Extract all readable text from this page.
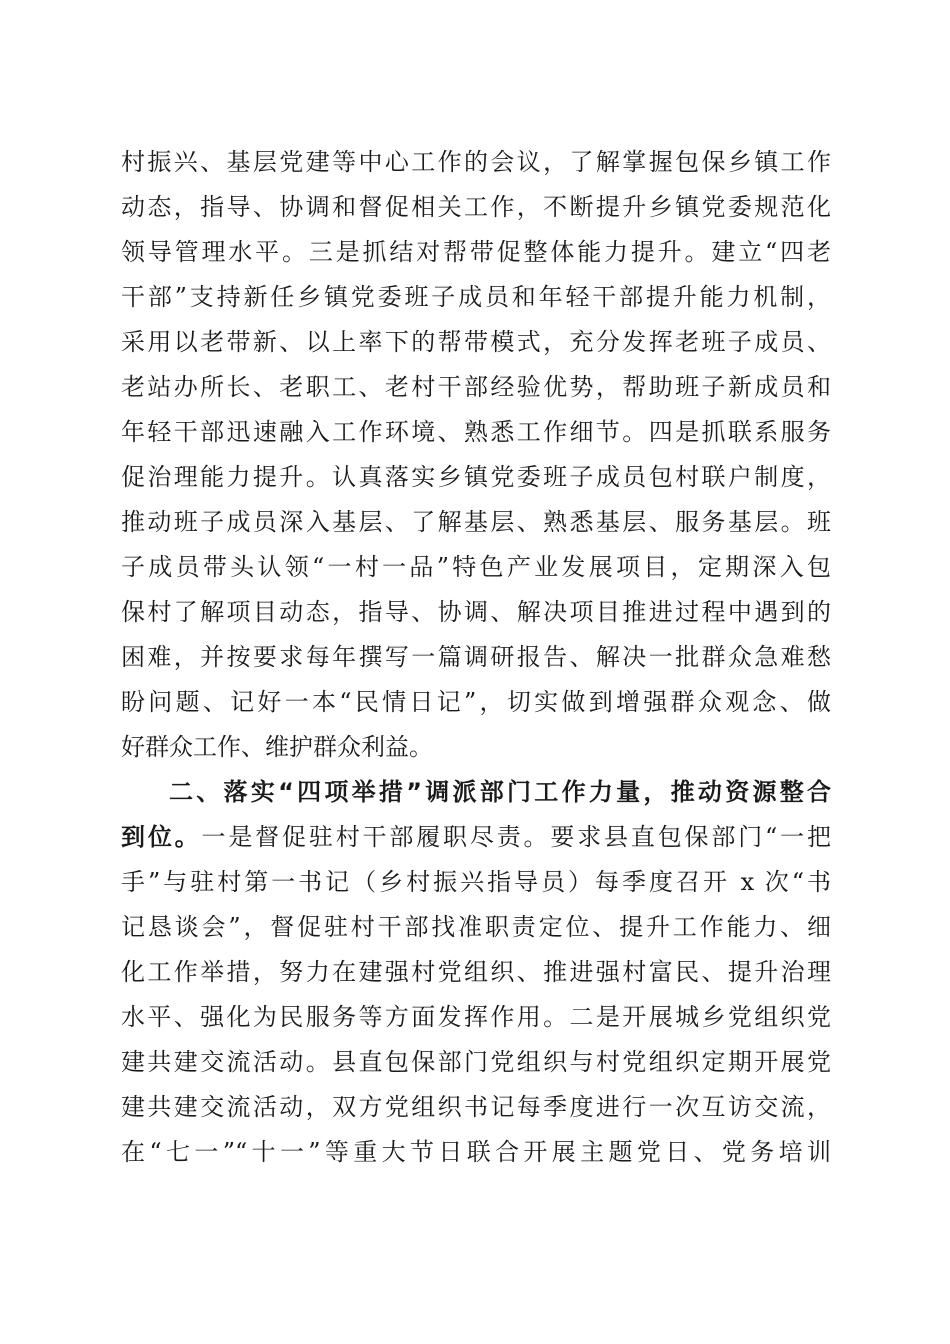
村振兴、基层党建等中心工作的会议，了解掌握包保乡镇工作
动态，指导、协调和督促相关工作，不断提升乡镇党委规范化
领导管理水平。三是抓结对帮带促整体能力提升。建立“四老
干部”支持新任乡镇党委班子成员和年轻干部提升能力机制，
采用以老带新、以上率下的帮带模式，充分发挥老班子成员、
老站办所长、老职工、老村干部经验优势，帮助班子新成员和
年轻干部迅速融入工作环境、熟悉工作细节。四是抓联系服务
促治理能力提升。认真落实乡镇党委班子成员包村联户制度，
推动班子成员深入基层、了解基层、熟悉基层、服务基层。班
子成员带头认领“一村一品”特色产业发展项目，定期深入包
保村了解项目动态，指导、协调、解决项目推进过程中遇到的
困难，并按要求每年撰写一篇调研报告、解决一批群众急难愁
盼问题、记好一本“民情日记”，切实做到增强群众观念、做
好群众工作、维护群众利益。
二、落实“四项举措”调派部门工作力量，推动资源整合
到位。一是督促驻村干部履职尽责。要求县直包保部门“一把
手”与驻村第一书记（乡村振兴指导员）每季度召开 x 次“书
记恳谈会”，督促驻村干部找准职责定位、提升工作能力、细
化工作举措，努力在建强村党组织、推进强村富民、提升治理
水平、强化为民服务等方面发挥作用。二是开展城乡党组织党
建共建交流活动。县直包保部门党组织与村党组织定期开展党
建共建交流活动，双方党组织书记每季度进行一次互访交流，
在“七一”“十一”等重大节日联合开展主题党日、党务培训
